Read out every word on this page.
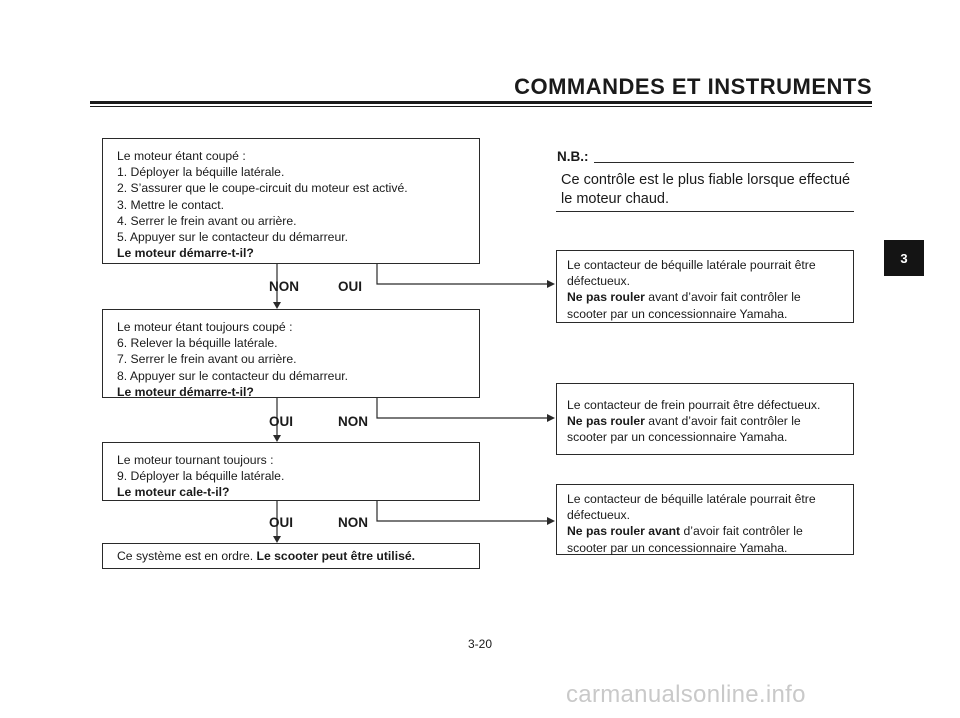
COMMANDES ET INSTRUMENTS
3
Le moteur étant coupé :
1. Déployer la béquille latérale.
2. S’assurer que le coupe-circuit du moteur est activé.
3. Mettre le contact.
4. Serrer le frein avant ou arrière.
5. Appuyer sur le contacteur du démarreur.
Le moteur démarre-t-il?
NON	OUI
Le moteur étant toujours coupé :
6. Relever la béquille latérale.
7. Serrer le frein avant ou arrière.
8. Appuyer sur le contacteur du démarreur.
Le moteur démarre-t-il?
OUI	NON
Le moteur tournant toujours :
9. Déployer la béquille latérale.
Le moteur cale-t-il?
OUI	NON
Ce système est en ordre. Le scooter peut être utilisé.
N.B.:
Ce contrôle est le plus fiable lorsque effectué
le moteur chaud.
Le contacteur de béquille latérale pourrait être
défectueux.
Ne pas rouler avant d’avoir fait contrôler le
scooter par un concessionnaire Yamaha.
Le contacteur de frein pourrait être défectueux.
Ne pas rouler avant d’avoir fait contrôler le
scooter par un concessionnaire Yamaha.
Le contacteur de béquille latérale pourrait être
défectueux.
Ne pas rouler avant d’avoir fait contrôler le
scooter par un concessionnaire Yamaha.
3-20
carmanualsonline.info
